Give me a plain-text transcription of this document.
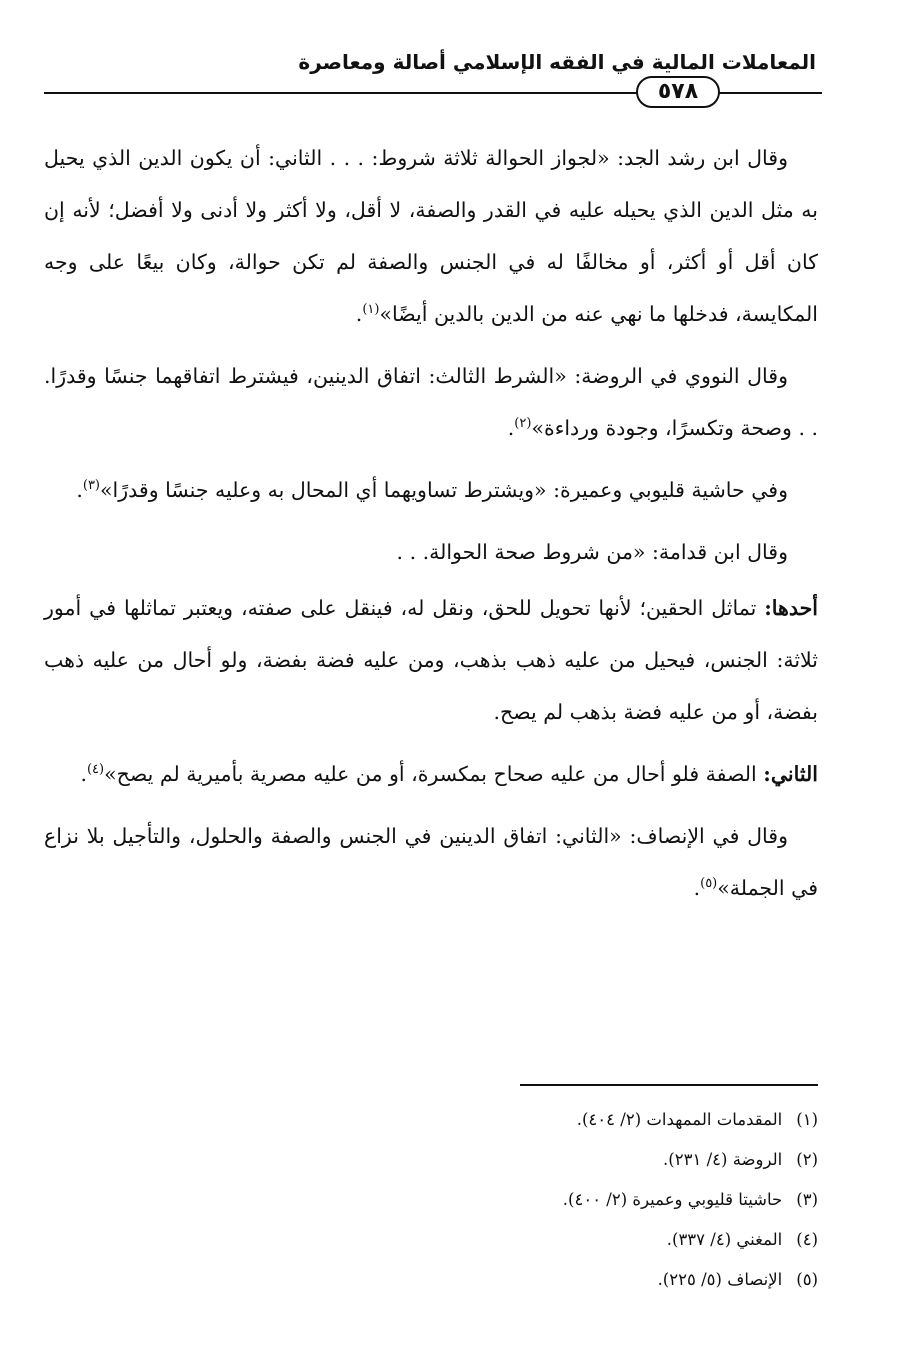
المعاملات المالية في الفقه الإسلامي أصالة ومعاصرة
٥٧٨

وقال ابن رشد الجد: «لجواز الحوالة ثلاثة شروط: . . . الثاني: أن يكون الدين الذي يحيل به مثل الدين الذي يحيله عليه في القدر والصفة، لا أقل، ولا أكثر ولا أدنى ولا أفضل؛ لأنه إن كان أقل أو أكثر، أو مخالفًا له في الجنس والصفة لم تكن حوالة، وكان بيعًا على وجه المكايسة، فدخلها ما نهي عنه من الدين بالدين أيضًا»$^{(١)}$.

وقال النووي في الروضة: «الشرط الثالث: اتفاق الدينين، فيشترط اتفاقهما جنسًا وقدرًا. . . وصحة وتكسرًا، وجودة ورداءة»$^{(٢)}$.

وفي حاشية قليوبي وعميرة: «ويشترط تساويهما أي المحال به وعليه جنسًا وقدرًا»$^{(٣)}$.

وقال ابن قدامة: «من شروط صحة الحوالة. . .

أحدها: تماثل الحقين؛ لأنها تحويل للحق، ونقل له، فينقل على صفته، ويعتبر تماثلها في أمور ثلاثة: الجنس، فيحيل من عليه ذهب بذهب، ومن عليه فضة بفضة، ولو أحال من عليه ذهب بفضة، أو من عليه فضة بذهب لم يصح.

الثاني: الصفة فلو أحال من عليه صحاح بمكسرة، أو من عليه مصرية بأميرية لم يصح»$^{(٤)}$.

وقال في الإنصاف: «الثاني: اتفاق الدينين في الجنس والصفة والحلول، والتأجيل بلا نزاع في الجملة»$^{(٥)}$.

(١)المقدمات الممهدات (٢/ ٤٠٤).
(٢)الروضة (٤/ ٢٣١).
(٣)حاشيتا قليوبي وعميرة (٢/ ٤٠٠).
(٤)المغني (٤/ ٣٣٧).
(٥)الإنصاف (٥/ ٢٢٥).
